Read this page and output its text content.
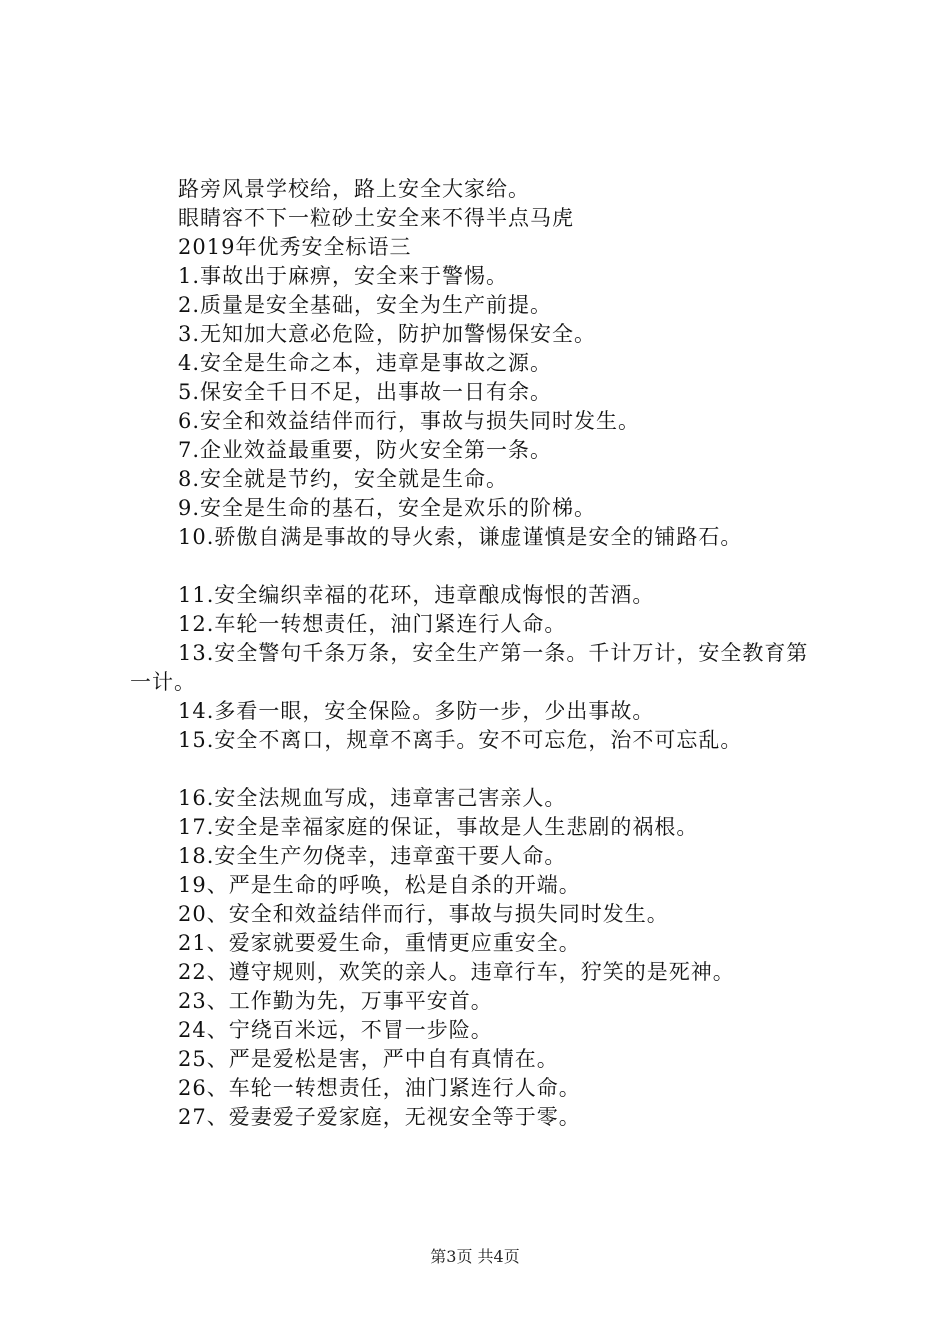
路旁风景学校给，路上安全大家给。
眼睛容不下一粒砂土安全来不得半点马虎
2019年优秀安全标语三
1.事故出于麻痹，安全来于警惕。
2.质量是安全基础，安全为生产前提。
3.无知加大意必危险，防护加警惕保安全。
4.安全是生命之本，违章是事故之源。
5.保安全千日不足，出事故一日有余。
6.安全和效益结伴而行，事故与损失同时发生。
7.企业效益最重要，防火安全第一条。
8.安全就是节约，安全就是生命。
9.安全是生命的基石，安全是欢乐的阶梯。
10.骄傲自满是事故的导火索，谦虚谨慎是安全的铺路石。
11.安全编织幸福的花环，违章酿成悔恨的苦酒。
12.车轮一转想责任，油门紧连行人命。
13.安全警句千条万条，安全生产第一条。千计万计，安全教育第一计。
14.多看一眼，安全保险。多防一步，少出事故。
15.安全不离口，规章不离手。安不可忘危，治不可忘乱。
16.安全法规血写成，违章害己害亲人。
17.安全是幸福家庭的保证，事故是人生悲剧的祸根。
18.安全生产勿侥幸，违章蛮干要人命。
19、严是生命的呼唤，松是自杀的开端。
20、安全和效益结伴而行，事故与损失同时发生。
21、爱家就要爱生命，重情更应重安全。
22、遵守规则，欢笑的亲人。违章行车，狞笑的是死神。
23、工作勤为先，万事平安首。
24、宁绕百米远，不冒一步险。
25、严是爱松是害，严中自有真情在。
26、车轮一转想责任，油门紧连行人命。
27、爱妻爱子爱家庭，无视安全等于零。
第3页 共4页
